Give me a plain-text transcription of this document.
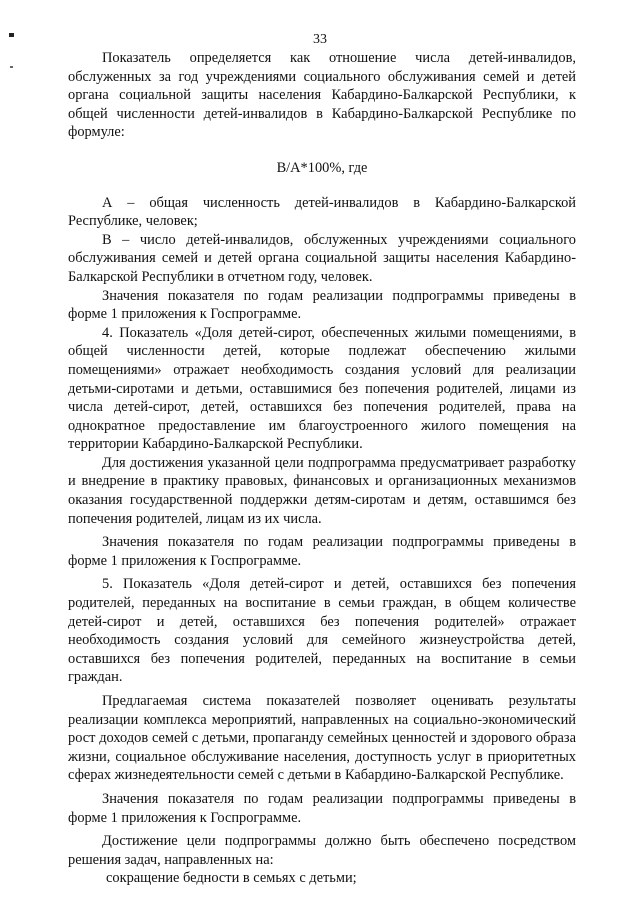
33

Показатель определяется как отношение числа детей-инвалидов, обслуженных за год учреждениями социального обслуживания семей и детей органа социальной защиты населения Кабардино-Балкарской Республики, к общей численности детей-инвалидов в Кабардино-Балкарской Республике по формуле:

В/А*100%, где

А – общая численность детей-инвалидов в Кабардино-Балкарской Республике, человек;

В – число детей-инвалидов, обслуженных учреждениями социального обслуживания семей и детей органа социальной защиты населения Кабардино-Балкарской Республики в отчетном году, человек.

Значения показателя по годам реализации подпрограммы приведены в форме 1 приложения к Госпрограмме.

4. Показатель «Доля детей-сирот, обеспеченных жилыми помещениями, в общей численности детей, которые подлежат обеспечению жилыми помещениями» отражает необходимость создания условий для реализации детьми-сиротами и детьми, оставшимися без попечения родителей, лицами из числа детей-сирот, детей, оставшихся без попечения родителей, права на однократное предоставление им благоустроенного жилого помещения на территории Кабардино-Балкарской Республики.

Для достижения указанной цели подпрограмма предусматривает разработку и внедрение в практику правовых, финансовых и организационных механизмов оказания государственной поддержки детям-сиротам и детям, оставшимся без попечения родителей, лицам из их числа.

Значения показателя по годам реализации подпрограммы приведены в форме 1 приложения к Госпрограмме.

5. Показатель «Доля детей-сирот и детей, оставшихся без попечения родителей, переданных на воспитание в семьи граждан, в общем количестве детей-сирот и детей, оставшихся без попечения родителей» отражает необходимость создания условий для семейного жизнеустройства детей, оставшихся без попечения родителей, переданных на воспитание в семьи граждан.

Предлагаемая система показателей позволяет оценивать результаты реализации комплекса мероприятий, направленных на социально-экономический рост доходов семей с детьми, пропаганду семейных ценностей и здорового образа жизни, социальное обслуживание населения, доступность услуг в приоритетных сферах жизнедеятельности семей с детьми в Кабардино-Балкарской Республике.

Значения показателя по годам реализации подпрограммы приведены в форме 1 приложения к Госпрограмме.

Достижение цели подпрограммы должно быть обеспечено посредством решения задач, направленных на:

сокращение бедности в семьях с детьми;
